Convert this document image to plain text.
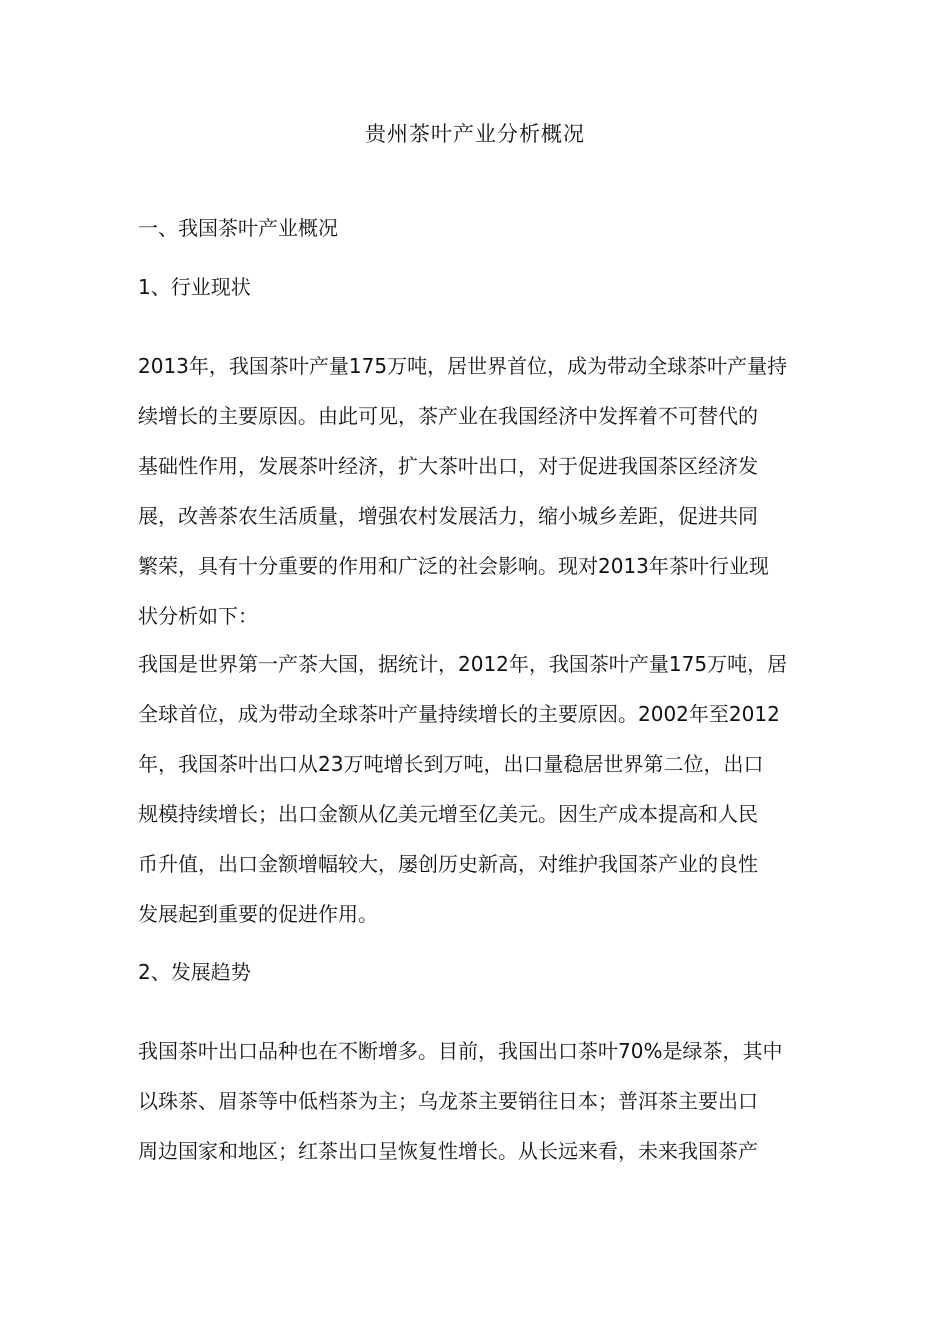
贵州茶叶产业分析概况
一、我国茶叶产业概况
1、行业现状
2013年，我国茶叶产量175万吨，居世界首位，成为带动全球茶叶产量持
续增长的主要原因。由此可见，茶产业在我国经济中发挥着不可替代的
基础性作用，发展茶叶经济，扩大茶叶出口，对于促进我国茶区经济发
展，改善茶农生活质量，增强农村发展活力，缩小城乡差距，促进共同
繁荣，具有十分重要的作用和广泛的社会影响。现对2013年茶叶行业现
状分析如下：
我国是世界第一产茶大国，据统计，2012年，我国茶叶产量175万吨，居
全球首位，成为带动全球茶叶产量持续增长的主要原因。2002年至2012
年，我国茶叶出口从23万吨增长到万吨，出口量稳居世界第二位，出口
规模持续增长；出口金额从亿美元增至亿美元。因生产成本提高和人民
币升值，出口金额增幅较大，屡创历史新高，对维护我国茶产业的良性
发展起到重要的促进作用。
2、发展趋势
我国茶叶出口品种也在不断增多。目前，我国出口茶叶70%是绿茶，其中
以珠茶、眉茶等中低档茶为主；乌龙茶主要销往日本；普洱茶主要出口
周边国家和地区；红茶出口呈恢复性增长。从长远来看，未来我国茶产
